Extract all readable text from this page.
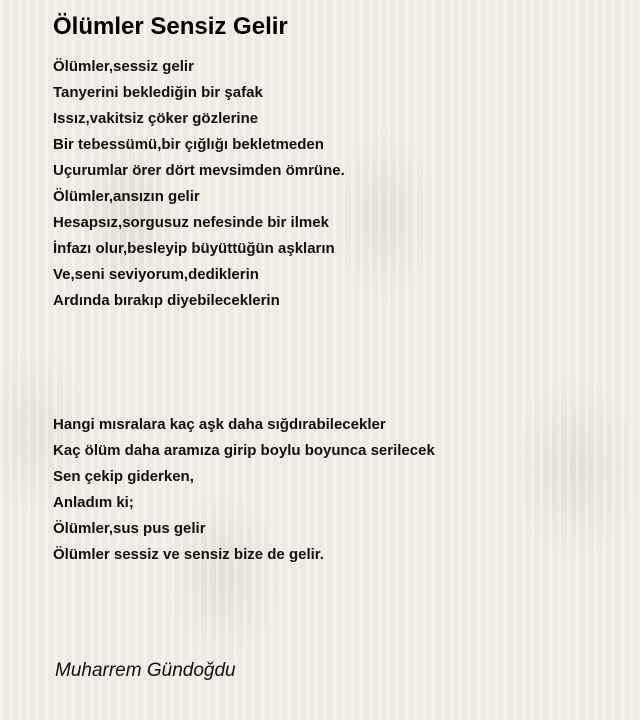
Ölümler Sensiz Gelir
Ölümler,sessiz gelir
Tanyerini beklediğin bir şafak
Issız,vakitsiz çöker gözlerine
Bir tebessümü,bir çığlığı bekletmeden
Uçurumlar örer dört mevsimden ömrüne.
Ölümler,ansızın gelir
Hesapsız,sorgusuz nefesinde bir ilmek
İnfazı olur,besleyip büyüttüğün aşkların
Ve,seni seviyorum,dediklerin
Ardında bırakıp diyebileceklerin
Hangi mısralara kaç aşk daha sığdırabilecekler
Kaç ölüm daha aramıza girip boylu boyunca serilecek
Sen çekip giderken,
Anladım ki;
Ölümler,sus pus gelir
Ölümler sessiz ve sensiz bize de gelir.

Muharrem Gündoğdu
